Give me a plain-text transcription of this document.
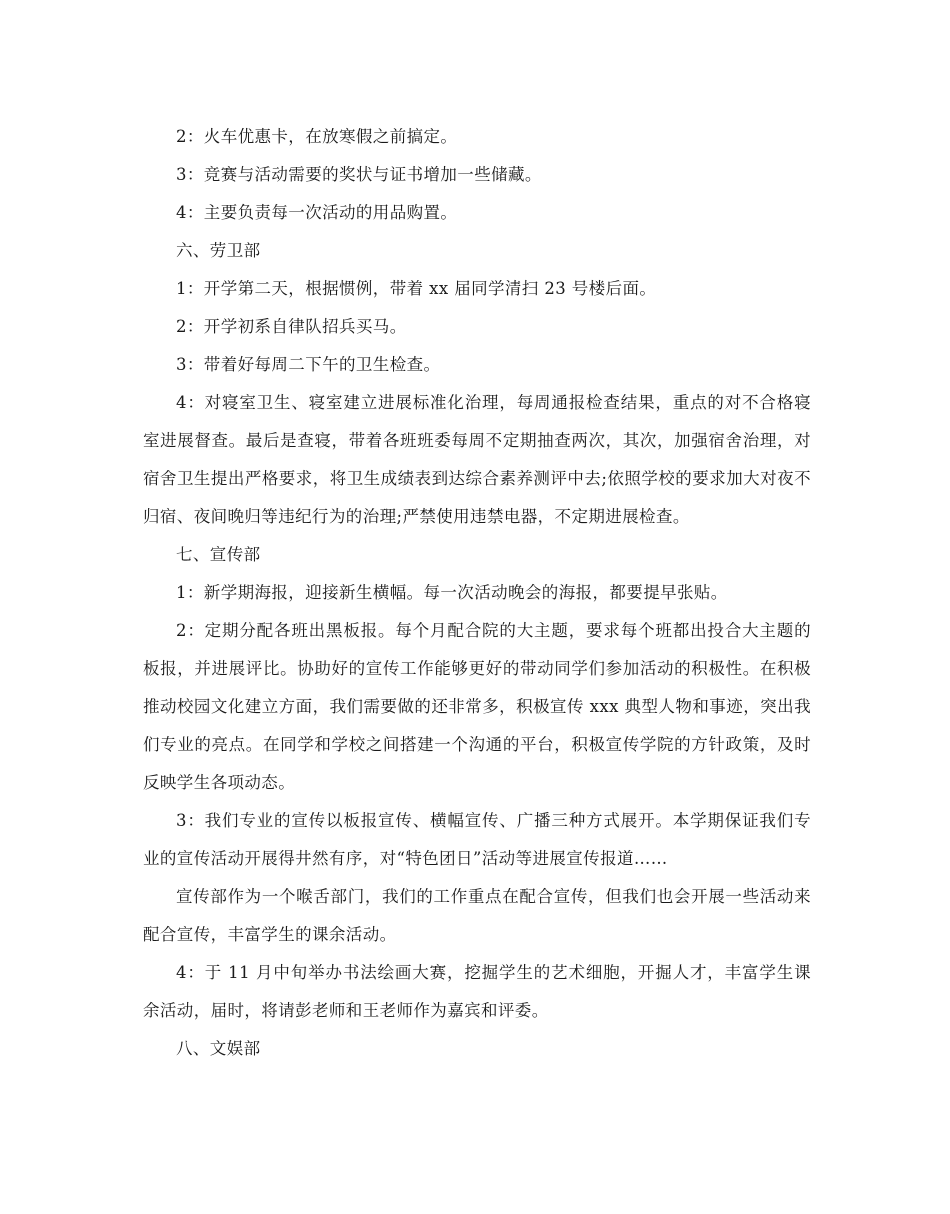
2：火车优惠卡，在放寒假之前搞定。

3：竞赛与活动需要的奖状与证书增加一些储藏。

4：主要负责每一次活动的用品购置。

六、劳卫部

1：开学第二天，根据惯例，带着 xx 届同学清扫 23 号楼后面。

2：开学初系自律队招兵买马。

3：带着好每周二下午的卫生检查。

4：对寝室卫生、寝室建立进展标准化治理，每周通报检查结果，重点的对不合格寝室进展督查。最后是查寝，带着各班班委每周不定期抽查两次，其次，加强宿舍治理，对宿舍卫生提出严格要求，将卫生成绩表到达综合素养测评中去;依照学校的要求加大对夜不归宿、夜间晚归等违纪行为的治理;严禁使用违禁电器，不定期进展检查。

七、宣传部

1：新学期海报，迎接新生横幅。每一次活动晚会的海报，都要提早张贴。

2：定期分配各班出黑板报。每个月配合院的大主题，要求每个班都出投合大主题的板报，并进展评比。协助好的宣传工作能够更好的带动同学们参加活动的积极性。在积极推动校园文化建立方面，我们需要做的还非常多，积极宣传 xxx 典型人物和事迹，突出我们专业的亮点。在同学和学校之间搭建一个沟通的平台，积极宣传学院的方针政策，及时反映学生各项动态。

3：我们专业的宣传以板报宣传、横幅宣传、广播三种方式展开。本学期保证我们专业的宣传活动开展得井然有序，对“特色团日”活动等进展宣传报道……

宣传部作为一个喉舌部门，我们的工作重点在配合宣传，但我们也会开展一些活动来配合宣传，丰富学生的课余活动。

4：于 11 月中旬举办书法绘画大赛，挖掘学生的艺术细胞，开掘人才，丰富学生课余活动，届时，将请彭老师和王老师作为嘉宾和评委。

八、文娱部
